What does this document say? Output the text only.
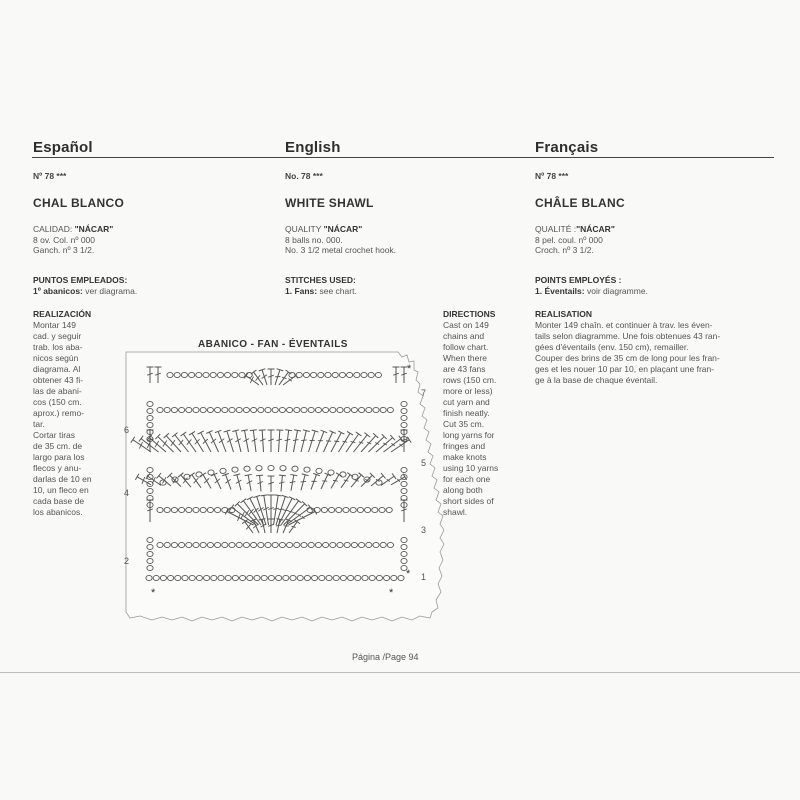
Español
Nº 78 ***
CHAL BLANCO
CALIDAD: "NÁCAR"
8 ov. Col. nº 000
Ganch. nº 3 1/2.
PUNTOS EMPLEADOS:
1º abanicos: ver diagrama.
REALIZACIÓN
Montar 149
cad. y seguir
trab. los aba-
nicos según
diagrama. Al
obtener 43 fi-
las de abani-
cos (150 cm.
aprox.) remo-
tar.
Cortar tiras
de 35 cm. de
largo para los
flecos y anu-
darlas de 10 en
10, un fleco en
cada base de
los abanicos.
English
No. 78 ***
WHITE SHAWL
QUALITY "NÁCAR"
8 balls no. 000.
No. 3 1/2 metal crochet hook.
STITCHES USED:
1. Fans: see chart.
DIRECTIONS
Cast on 149
chains and
follow chart.
When there
are 43 fans
rows (150 cm.
more or less)
cut yarn and
finish neatly.
Cut 35 cm.
long yarns for
fringes and
make knots
using 10 yarns
for each one
along both
short sides of
shawl.
Français
Nº 78 ***
CHÂLE BLANC
QUALITÉ :"NÁCAR"
8 pel. coul. nº 000
Croch. nº 3 1/2.
POINTS EMPLOYÉS :
1. Éventails: voir diagramme.
REALISATION
Monter 149 chaîn. et continuer à trav. les éven-
tails selon diagramme. Une fois obtenues 43 ran-
gées d'éventails (env. 150 cm), remailler.
Couper des brins de 35 cm de long pour les fran-
ges et les nouer 10 par 10, en plaçant une fran-
ge à la base de chaque éventail.
ABANICO - FAN - ÉVENTAILS
*
*
*	*
6
4
2
7
5
3
1
Página /Page 94
